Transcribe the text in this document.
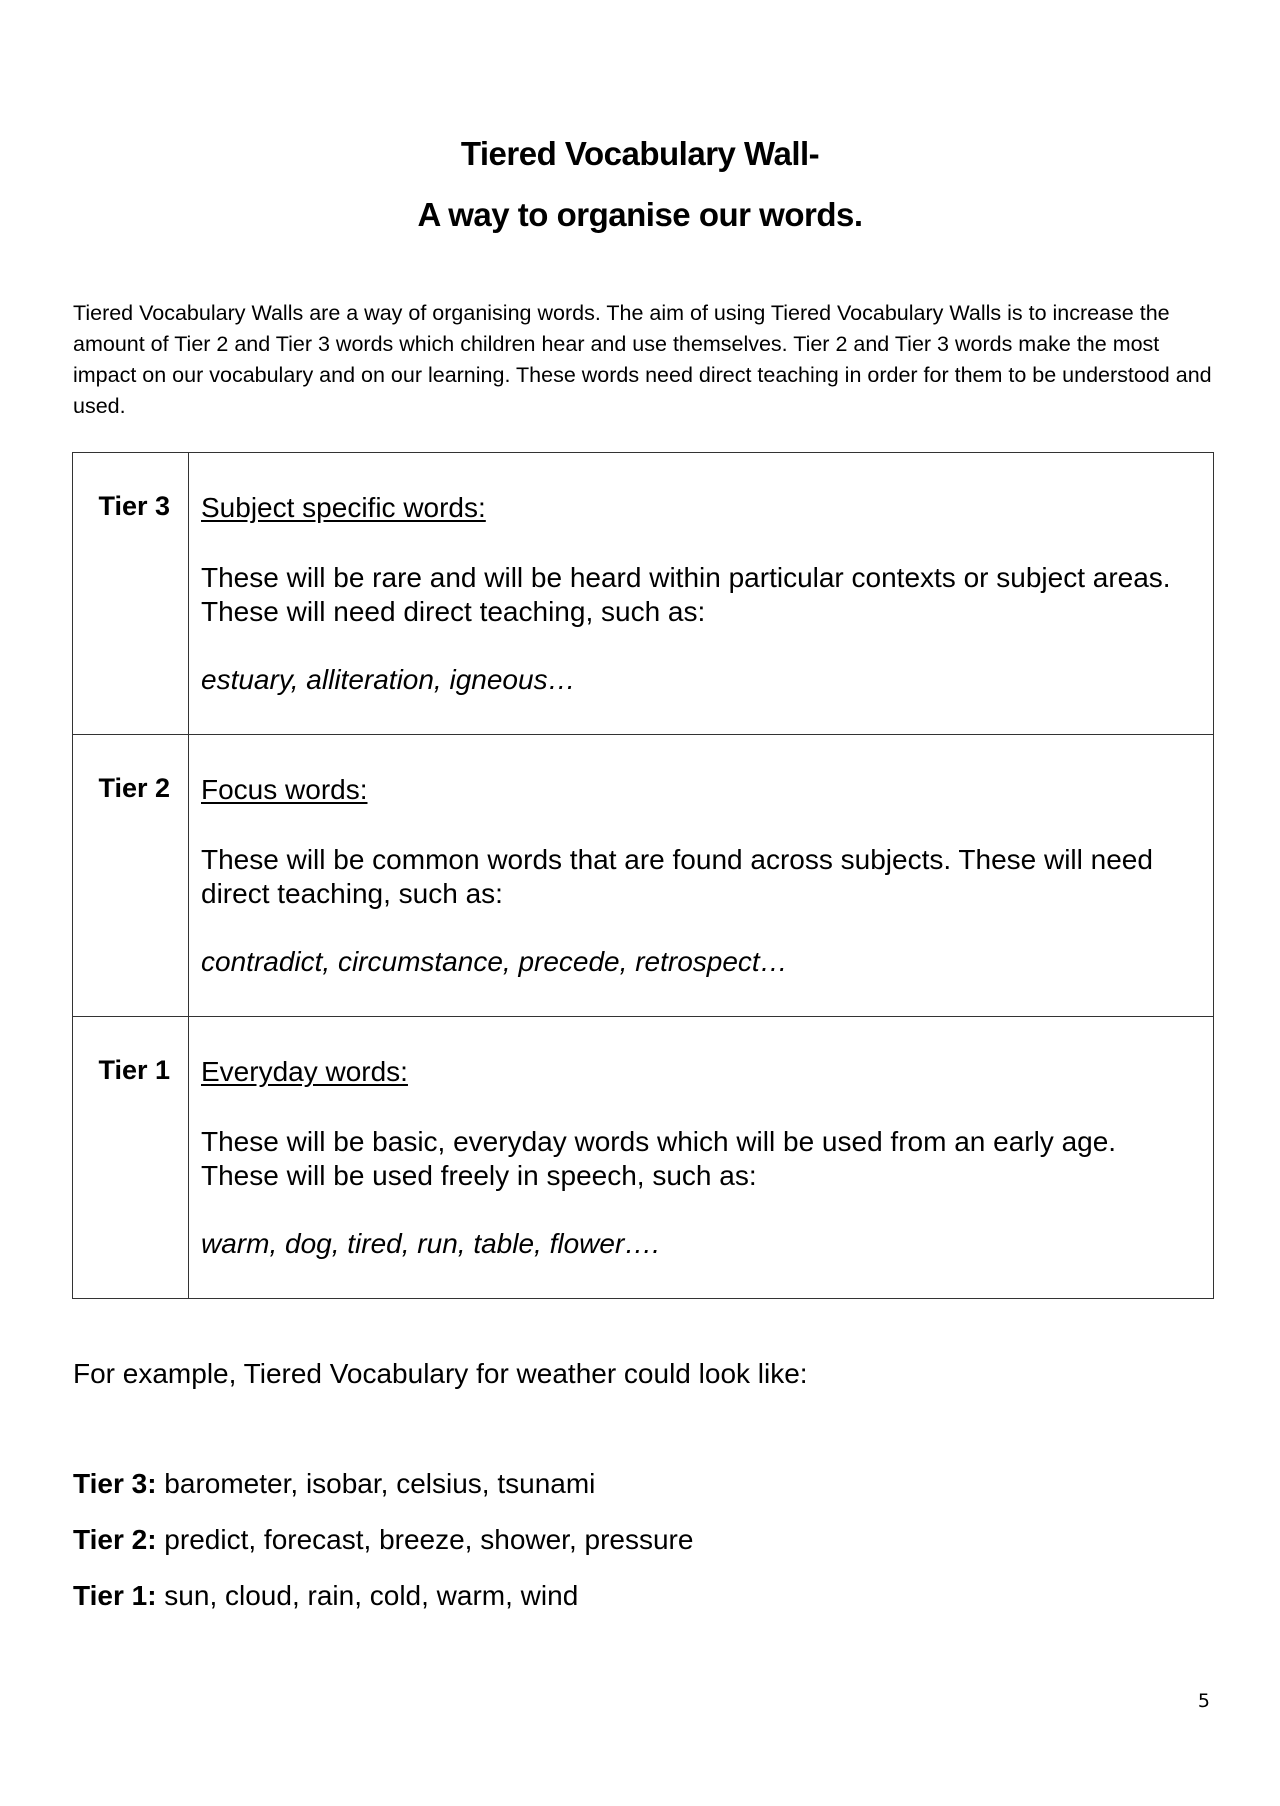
Tiered Vocabulary Wall-
A way to organise our words.

Tiered Vocabulary Walls are a way of organising words. The aim of using Tiered Vocabulary Walls is to increase the amount of Tier 2 and Tier 3 words which children hear and use themselves. Tier 2 and Tier 3 words make the most impact on our vocabulary and on our learning. These words need direct teaching in order for them to be understood and used.

Tier 3	Subject specific words:

These will be rare and will be heard within particular contexts or subject areas. These will need direct teaching, such as:

estuary, alliteration, igneous…

Tier 2	Focus words:

These will be common words that are found across subjects. These will need direct teaching, such as:

contradict, circumstance, precede, retrospect…

Tier 1	Everyday words:

These will be basic, everyday words which will be used from an early age. These will be used freely in speech, such as:

warm, dog, tired, run, table, flower….

For example, Tiered Vocabulary for weather could look like:

Tier 3: barometer, isobar, celsius, tsunami

Tier 2: predict, forecast, breeze, shower, pressure

Tier 1: sun, cloud, rain, cold, warm, wind

5
